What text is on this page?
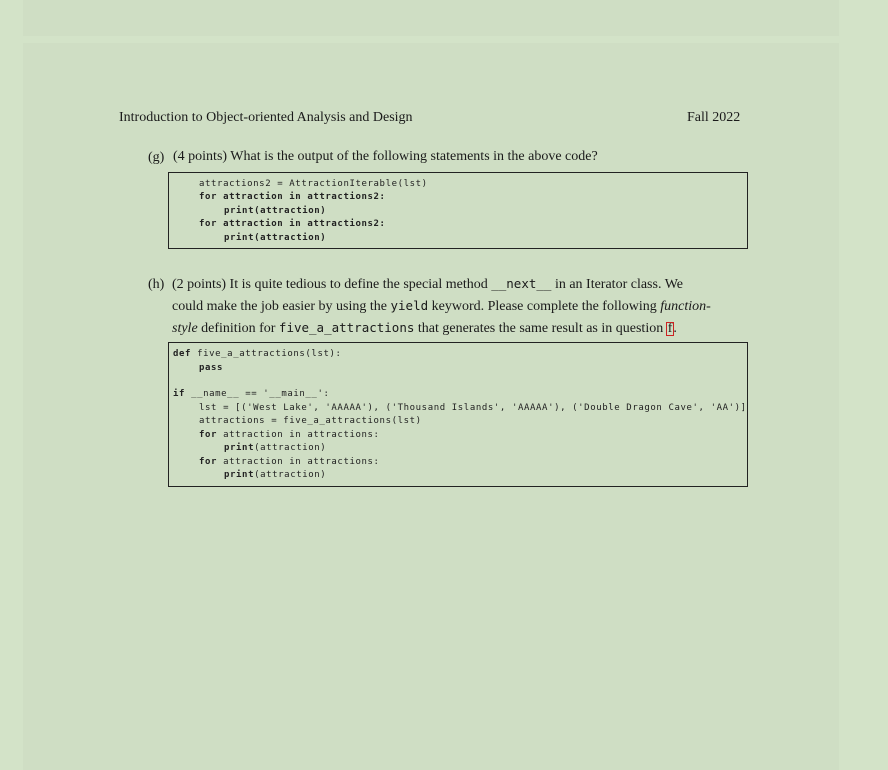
Introduction to Object-oriented Analysis and Design	Fall 2022
(g) (4 points) What is the output of the following statements in the above code?
attractions2 = AttractionIterable(lst)
for attraction in attractions2:
print(attraction)
for attraction in attractions2:
print(attraction)
(h) (2 points) It is quite tedious to define the special method __next__ in an Iterator class. We
could make the job easier by using the yield keyword. Please complete the following function-
style definition for five_a_attractions that generates the same result as in question f.
def five_a_attractions(lst):
pass
if __name__ == '__main__':
lst = [('West Lake', 'AAAAA'), ('Thousand Islands', 'AAAAA'), ('Double Dragon Cave', 'AA')]
attractions = five_a_attractions(lst)
for attraction in attractions:
print(attraction)
for attraction in attractions:
print(attraction)
